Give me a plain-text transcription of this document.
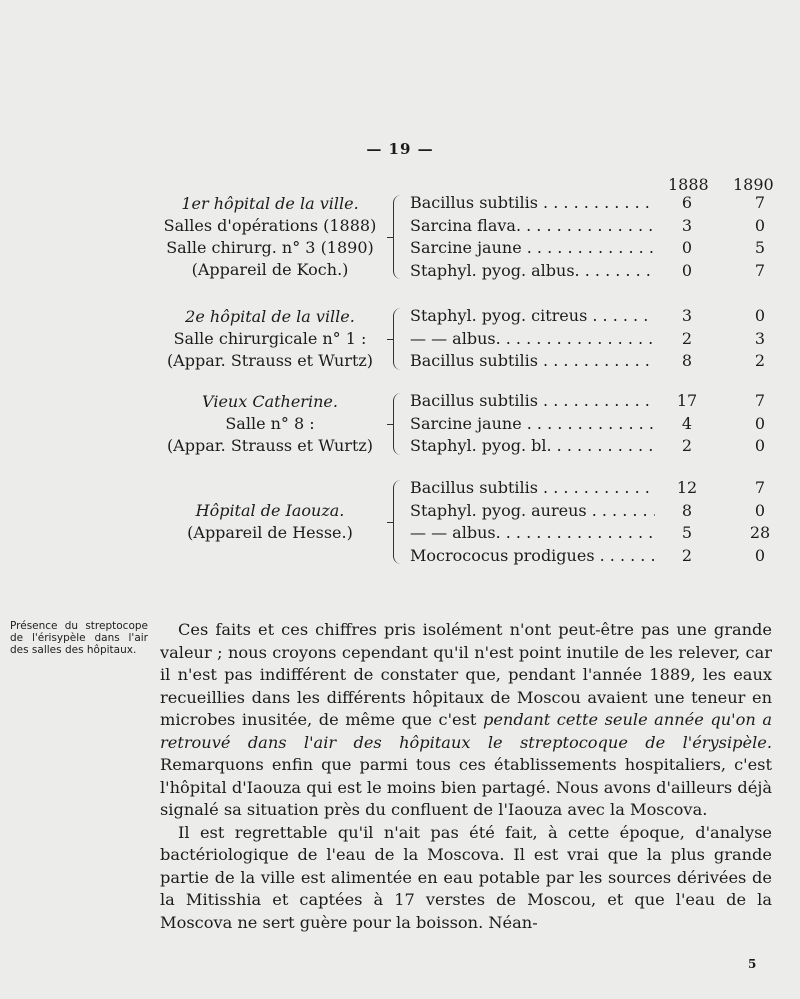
— 19 —
1888 1890
1er hôpital de la ville.
Salles d'opérations (1888)
Salle chirurg. n° 3 (1890)
(Appareil de Koch.)
Bacillus subtilis . . .	6	7
Sarcina flava. . . .	3	0
Sarcine jaune . . .	0	5
Staphyl. pyog. albus. . . .	0	7
2e hôpital de la ville.
Salle chirurgicale n° 1 :
(Appar. Strauss et Wurtz)
Staphyl. pyog. citreus . . .	3	0
— — albus. . . .	2	3
Bacillus subtilis . . .	8	2
Vieux Catherine.
Salle n° 8 :
(Appar. Strauss et Wurtz)
Bacillus subtilis . . .	17	7
Sarcine jaune . . .	4	0
Staphyl. pyog. bl. . . .	2	0
Hôpital de Iaouza.
(Appareil de Hesse.)
Bacillus subtilis . . .	12	7
Staphyl. pyog. aureus . . .	8	0
— — albus. . . .	5	28
Mocrococus prodigues . . .	2	0
Présence du streptocope de l'érisypèle dans l'air des salles des hôpitaux.

Ces faits et ces chiffres pris isolément n'ont peut-être pas une grande valeur ; nous croyons cependant qu'il n'est point inutile de les relever, car il n'est pas indifférent de constater que, pendant l'année 1889, les eaux recueillies dans les différents hôpitaux de Moscou avaient une teneur en microbes inusitée, de même que c'est pendant cette seule année qu'on a retrouvé dans l'air des hôpitaux le streptocoque de l'érysipèle. Remarquons enfin que parmi tous ces établissements hospitaliers, c'est l'hôpital d'Iaouza qui est le moins bien partagé. Nous avons d'ailleurs déjà signalé sa situation près du confluent de l'Iaouza avec la Moscova.

Il est regrettable qu'il n'ait pas été fait, à cette époque, d'analyse bactériologique de l'eau de la Moscova. Il est vrai que la plus grande partie de la ville est alimentée en eau potable par les sources dérivées de la Mitisshia et captées à 17 verstes de Moscou, et que l'eau de la Moscova ne sert guère pour la boisson. Néan-

5
